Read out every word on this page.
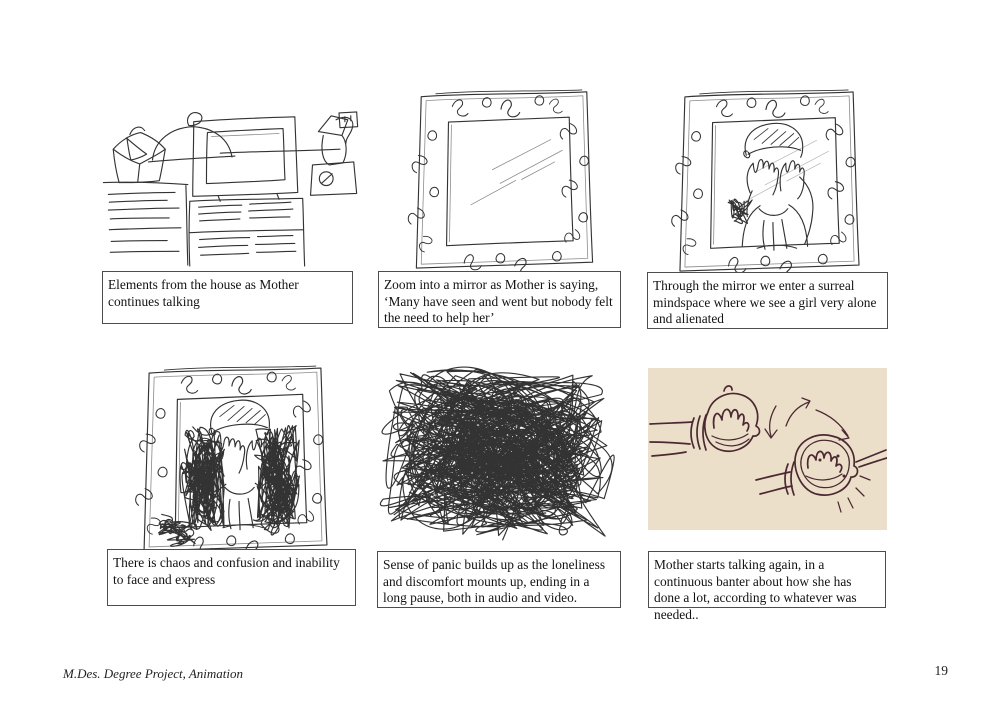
Elements from the house as Mother continues talking
Zoom into a mirror as Mother is saying, ‘Many have seen and went but nobody felt the need to help her’
Through the mirror we enter a surreal mindspace where we see a girl very alone and alienated
There is chaos and confusion and inability to face and express
Sense of panic builds up as the loneliness and discomfort mounts up, ending in a long pause, both in audio and video.
Mother starts talking again, in a continuous banter about how she has done a lot, according to whatever was needed..
M.Des. Degree Project, Animation	19
